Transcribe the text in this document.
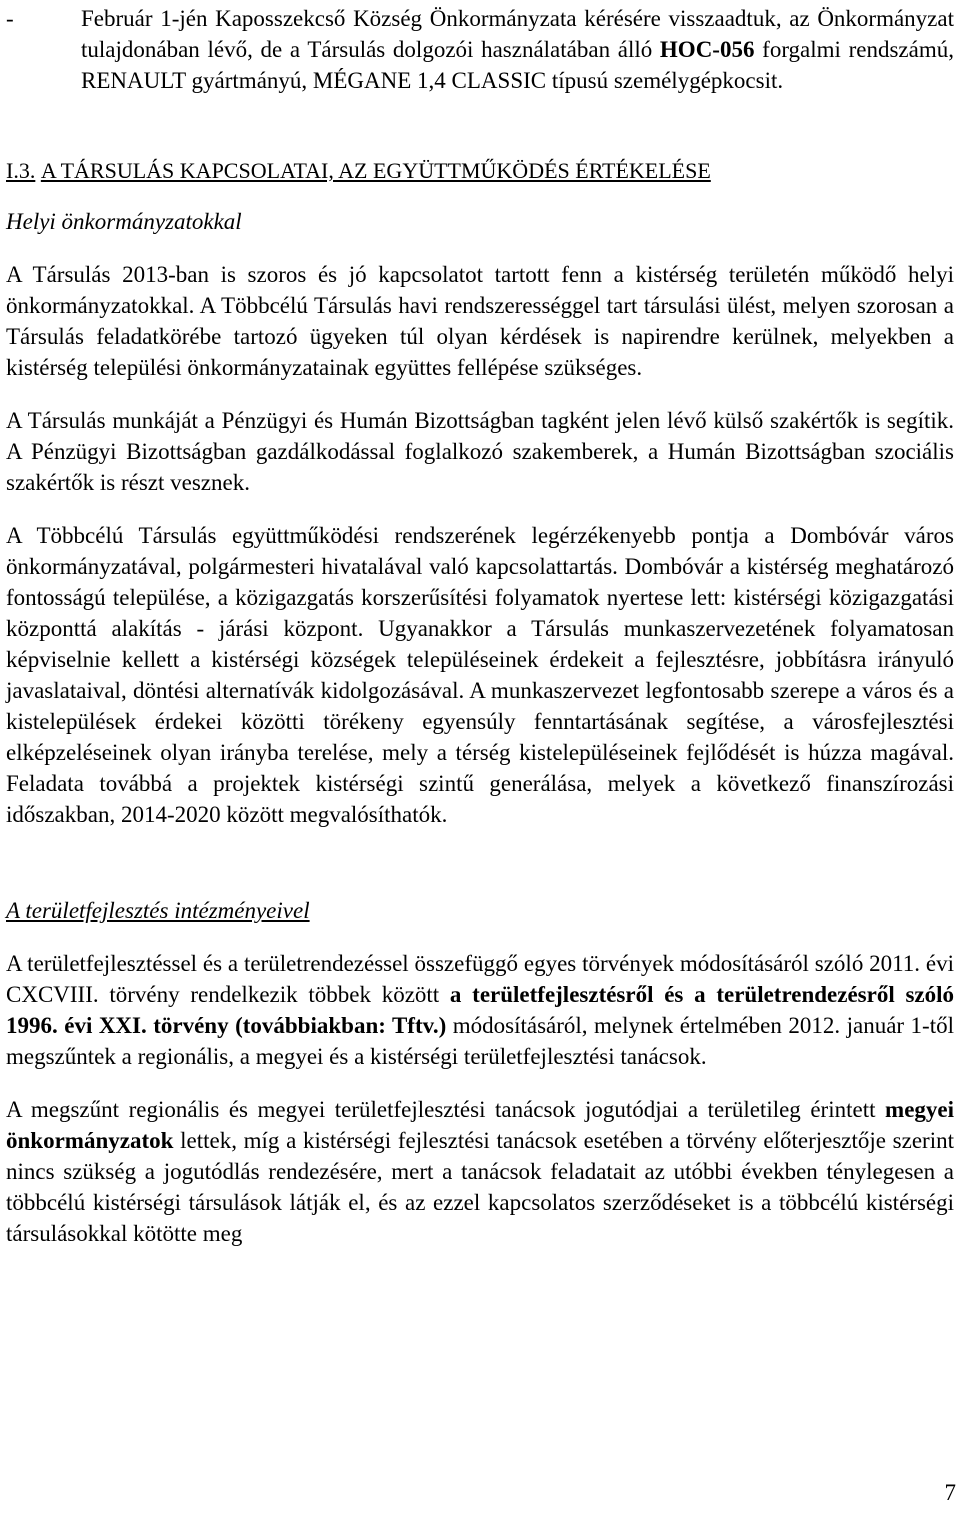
-	Február 1-jén Kaposszekcső Község Önkormányzata kérésére visszaadtuk, az Önkormányzat tulajdonában lévő, de a Társulás dolgozói használatában álló HOC-056 forgalmi rendszámú, RENAULT gyártmányú, MÉGANE 1,4 CLASSIC típusú személygépkocsit.

I.3. A TÁRSULÁS KAPCSOLATAI, AZ EGYÜTTMŰKÖDÉS ÉRTÉKELÉSE

Helyi önkormányzatokkal

A Társulás 2013-ban is szoros és jó kapcsolatot tartott fenn a kistérség területén működő helyi önkormányzatokkal. A Többcélú Társulás havi rendszerességgel tart társulási ülést, melyen szorosan a Társulás feladatkörébe tartozó ügyeken túl olyan kérdések is napirendre kerülnek, melyekben a kistérség települési önkormányzatainak együttes fellépése szükséges.

A Társulás munkáját a Pénzügyi és Humán Bizottságban tagként jelen lévő külső szakértők is segítik. A Pénzügyi Bizottságban gazdálkodással foglalkozó szakemberek, a Humán Bizottságban szociális szakértők is részt vesznek.

A Többcélú Társulás együttműködési rendszerének legérzékenyebb pontja a Dombóvár város önkormányzatával, polgármesteri hivatalával való kapcsolattartás. Dombóvár a kistérség meghatározó fontosságú települése, a közigazgatás korszerűsítési folyamatok nyertese lett: kistérségi közigazgatási központtá alakítás - járási központ. Ugyanakkor a Társulás munkaszervezetének folyamatosan képviselnie kellett a kistérségi községek településeinek érdekeit a fejlesztésre, jobbításra irányuló javaslataival, döntési alternatívák kidolgozásával. A munkaszervezet legfontosabb szerepe a város és a kistelepülések érdekei közötti törékeny egyensúly fenntartásának segítése, a városfejlesztési elképzeléseinek olyan irányba terelése, mely a térség kistelepüléseinek fejlődését is húzza magával. Feladata továbbá a projektek kistérségi szintű generálása, melyek a következő finanszírozási időszakban, 2014-2020 között megvalósíthatók.

A területfejlesztés intézményeivel

A területfejlesztéssel és a területrendezéssel összefüggő egyes törvények módosításáról szóló 2011. évi CXCVIII. törvény rendelkezik többek között a területfejlesztésről és a területrendezésről szóló 1996. évi XXI. törvény (továbbiakban: Tftv.) módosításáról, melynek értelmében 2012. január 1-től megszűntek a regionális, a megyei és a kistérségi területfejlesztési tanácsok.

A megszűnt regionális és megyei területfejlesztési tanácsok jogutódjai a területileg érintett megyei önkormányzatok lettek, míg a kistérségi fejlesztési tanácsok esetében a törvény előterjesztője szerint nincs szükség a jogutódlás rendezésére, mert a tanácsok feladatait az utóbbi években ténylegesen a többcélú kistérségi társulások látják el, és az ezzel kapcsolatos szerződéseket is a többcélú kistérségi társulásokkal kötötte meg

7
